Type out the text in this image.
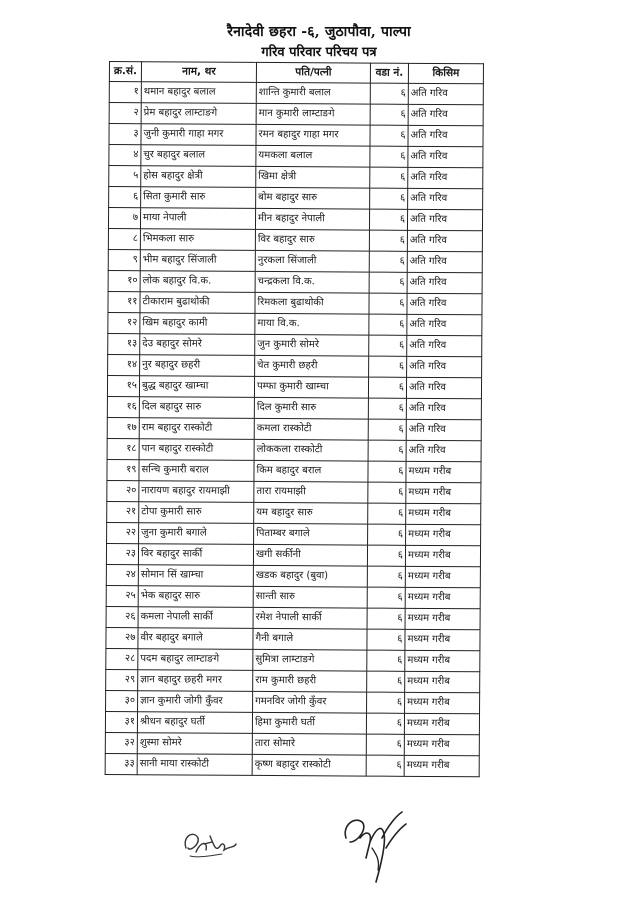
रैनादेवी छहरा -६, जुठापौवा, पाल्पा
गरिव परिवार परिचय पत्र
क्र.सं.	नाम, थर	पति/पत्नी	वडा नं.	किसिम
१	थमान बहादुर बलाल	शान्ति कुमारी बलाल	६	अति गरिव
२	प्रेम बहादुर लाम्टाङगे	मान कुमारी लाम्टाङगे	६	अति गरिव
३	जुनी कुमारी गाहा मगर	रमन बहादुर गाहा मगर	६	अति गरिव
४	चुर बहादुर बलाल	यमकला बलाल	६	अति गरिव
५	होस बहादुर क्षेत्री	खिमा क्षेत्री	६	अति गरिव
६	सिता कुमारी सारु	बोम बहादुर सारु	६	अति गरिव
७	माया नेपाली	मीन बहादुर नेपाली	६	अति गरिव
८	भिमकला सारु	विर बहादुर सारु	६	अति गरिव
९	भीम बहादुर सिंजाली	नुरकला सिंजाली	६	अति गरिव
१०	लोक बहादुर वि.क.	चन्द्रकला वि.क.	६	अति गरिव
११	टीकाराम बुढाथोकी	रिमकला बुढाथोकी	६	अति गरिव
१२	खिम बहादुर कामी	माया वि.क.	६	अति गरिव
१३	देउ बहादुर सोमरे	जुन कुमारी सोमरे	६	अति गरिव
१४	नुर बहादुर छहरी	चेत कुमारी छहरी	६	अति गरिव
१५	बुद्ध बहादुर खाम्चा	पम्फा कुमारी खाम्चा	६	अति गरिव
१६	दिल बहादुर सारु	दिल कुमारी सारु	६	अति गरिव
१७	राम बहादुर रास्कोटी	कमला रास्कोटी	६	अति गरिव
१८	पान बहादुर रास्कोटी	लोककला रास्कोटी	६	अति गरिव
१९	सन्चि कुमारी बराल	किम बहादुर बराल	६	मध्यम गरीब
२०	नारायण बहादुर रायमाझी	तारा रायमाझी	६	मध्यम गरीब
२१	टोपा कुमारी सारु	यम बहादुर सारु	६	मध्यम गरीब
२२	जुना कुमारी बगाले	पिताम्बर बगाले	६	मध्यम गरीब
२३	विर बहादुर सार्की	खगी सर्कीनी	६	मध्यम गरीब
२४	सोमान सिं खाम्चा	खडक बहादुर (बुवा)	६	मध्यम गरीब
२५	भेक बहादुर सारु	सान्ती सारु	६	मध्यम गरीब
२६	कमला नेपाली सार्की	रमेश नेपाली सार्की	६	मध्यम गरीब
२७	वीर बहादुर बगाले	गैनी बगाले	६	मध्यम गरीब
२८	पदम बहादुर लाम्टाङगे	सुमित्रा लाम्टाङगे	६	मध्यम गरीब
२९	ज्ञान बहादुर छहरी मगर	राम कुमारी छहरी	६	मध्यम गरीब
३०	ज्ञान कुमारी जोगी कुँवर	गमनविर जोगी कुँवर	६	मध्यम गरीब
३१	श्रीधन बहादुर घर्ती	हिमा कुमारी घर्ती	६	मध्यम गरीब
३२	शुस्मा सोमरे	तारा सोमारे	६	मध्यम गरीब
३३	सानी माया रास्कोटी	कृष्ण बहादुर रास्कोटी	६	मध्यम गरीब
